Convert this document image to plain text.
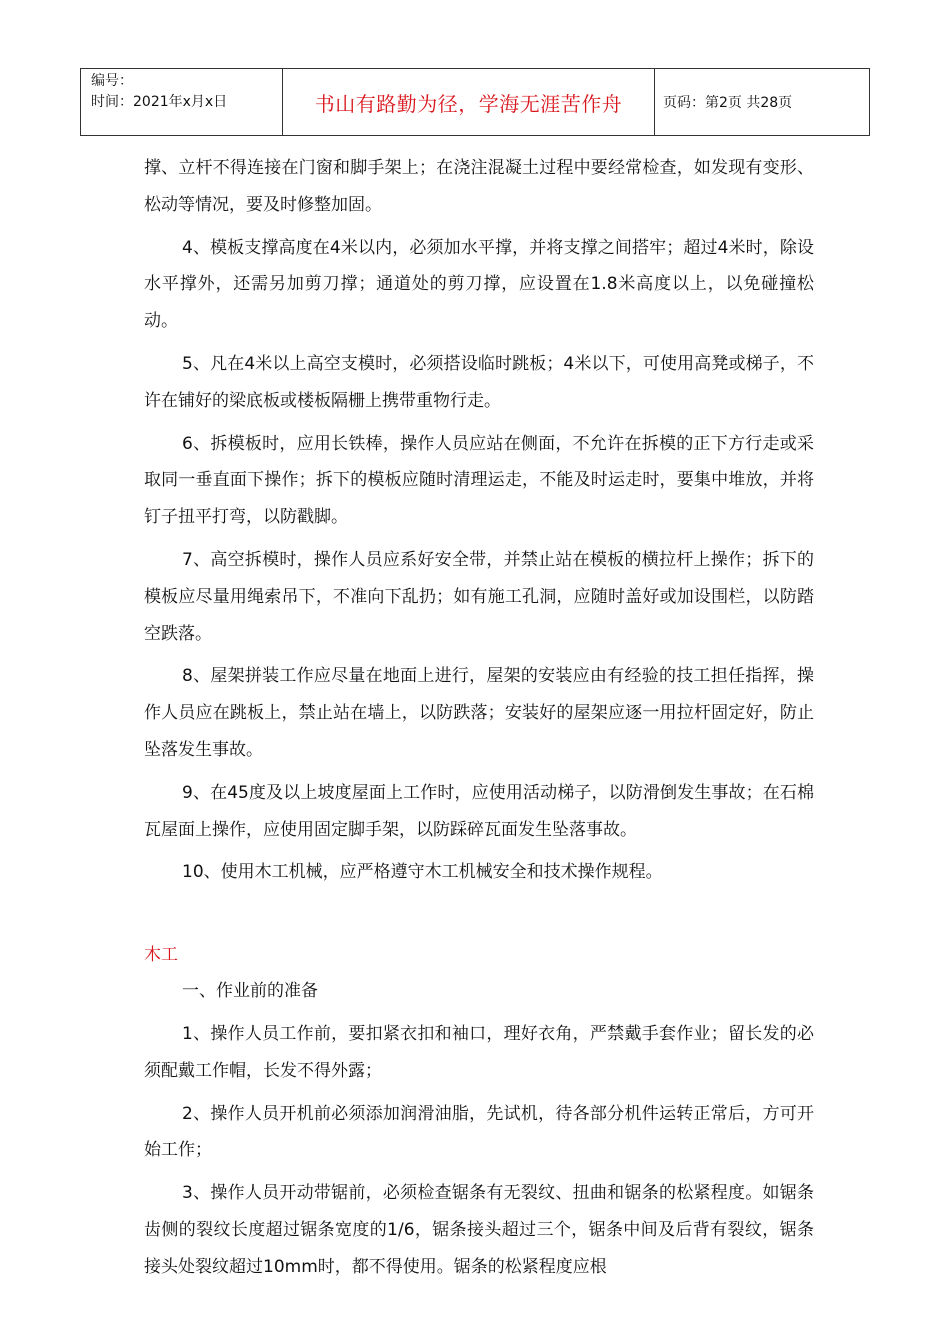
编号：
时间：2021年x月x日	书山有路勤为径，学海无涯苦作舟	页码：第2页 共28页

撑、立杆不得连接在门窗和脚手架上；在浇注混凝土过程中要经常检查，如发现有变形、松动等情况，要及时修整加固。

4、模板支撑高度在4米以内，必须加水平撑，并将支撑之间搭牢；超过4米时，除设水平撑外，还需另加剪刀撑；通道处的剪刀撑，应设置在1.8米高度以上，以免碰撞松动。

5、凡在4米以上高空支模时，必须搭设临时跳板；4米以下，可使用高凳或梯子，不许在铺好的梁底板或楼板隔栅上携带重物行走。

6、拆模板时，应用长铁棒，操作人员应站在侧面，不允许在拆模的正下方行走或采取同一垂直面下操作；拆下的模板应随时清理运走，不能及时运走时，要集中堆放，并将钉子扭平打弯，以防戳脚。

7、高空拆模时，操作人员应系好安全带，并禁止站在模板的横拉杆上操作；拆下的模板应尽量用绳索吊下，不准向下乱扔；如有施工孔洞，应随时盖好或加设围栏，以防踏空跌落。

8、屋架拼装工作应尽量在地面上进行，屋架的安装应由有经验的技工担任指挥，操作人员应在跳板上，禁止站在墙上，以防跌落；安装好的屋架应逐一用拉杆固定好，防止坠落发生事故。

9、在45度及以上坡度屋面上工作时，应使用活动梯子，以防滑倒发生事故；在石棉瓦屋面上操作，应使用固定脚手架，以防踩碎瓦面发生坠落事故。

10、使用木工机械，应严格遵守木工机械安全和技术操作规程。

木工

一、作业前的准备

1、操作人员工作前，要扣紧衣扣和袖口，理好衣角，严禁戴手套作业；留长发的必须配戴工作帽，长发不得外露；

2、操作人员开机前必须添加润滑油脂，先试机，待各部分机件运转正常后，方可开始工作；

3、操作人员开动带锯前，必须检查锯条有无裂纹、扭曲和锯条的松紧程度。如锯条齿侧的裂纹长度超过锯条宽度的1/6，锯条接头超过三个，锯条中间及后背有裂纹，锯条接头处裂纹超过10mm时，都不得使用。锯条的松紧程度应根
